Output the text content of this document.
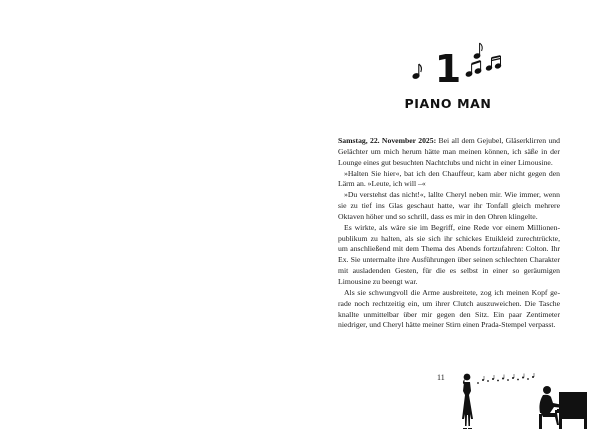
1
PIANO MAN

Samstag, 22. November 2025: Bei all dem Gejubel, Gläserklirren und Gelächter um mich herum hätte man meinen können, ich säße in der Lounge eines gut besuchten Nachtclubs und nicht in einer Limousine.

»Halten Sie hier«, bat ich den Chauffeur, kam aber nicht gegen den Lärm an. »Leute, ich will –«

»Du verstehst das nicht!«, lallte Cheryl neben mir. Wie immer, wenn sie zu tief ins Glas geschaut hatte, war ihr Tonfall gleich mehrere Oktaven höher und so schrill, dass es mir in den Ohren klingelte.

Es wirkte, als wäre sie im Begriff, eine Rede vor einem Millionenpublikum zu halten, als sie sich ihr schickes Etuikleid zurechtrückte, um anschließend mit dem Thema des Abends fortzufahren: Colton. Ihr Ex. Sie untermalte ihre Ausführungen über seinen schlechten Charakter mit ausladenden Gesten, für die es selbst in einer so geräumigen Limousine zu beengt war.

Als sie schwungvoll die Arme ausbreitete, zog ich meinen Kopf gerade noch rechtzeitig ein, um ihrer Clutch auszuweichen. Die Tasche knallte unmittelbar über mir gegen den Sitz. Ein paar Zentimeter niedriger, und Cheryl hätte meiner Stirn einen Prada-Stempel verpasst.

11
